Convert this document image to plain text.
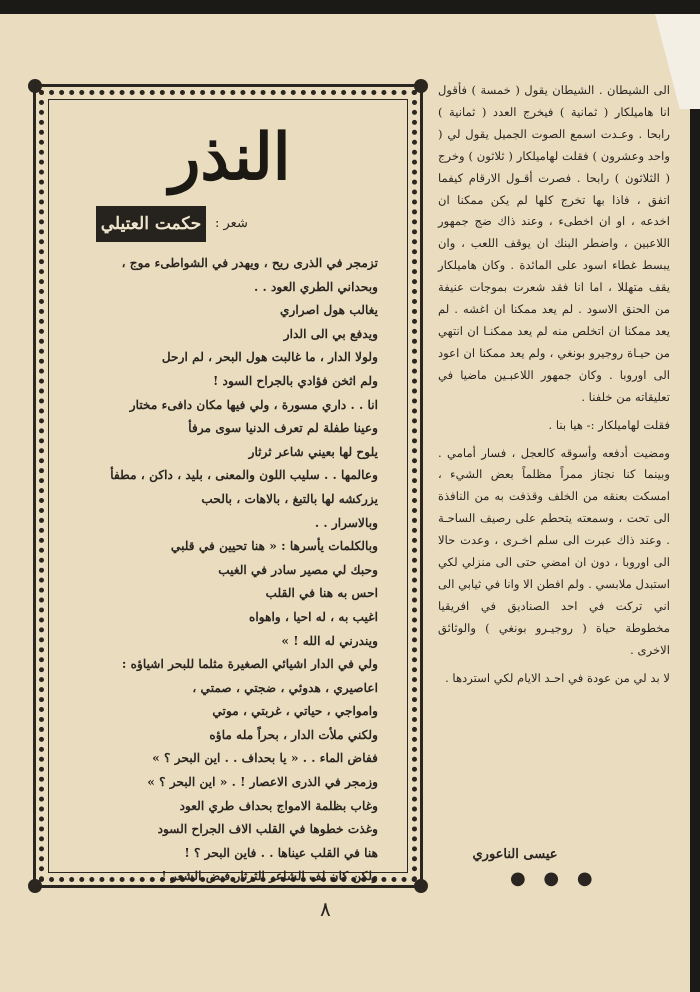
الى الشيطان . الشيطان يقول ( خمسة ) فأقول انا هاميلكار ( ثمانية ) فيخرج العدد ( ثمانية ) رابحا . وعـدت اسمع الصوت الجميل يقول لي ( واحد وعشرون ) فقلت لهاميلكار ( ثلاثون ) وخرج ( الثلاثون ) رابحا . فصرت أقـول الارقام كيفما اتفق ، فاذا بها تخرج كلها لم يكن ممكنا ان اخدعه ، او ان اخطىء ، وعند ذاك ضج جمهور اللاعبين ، واضطر البنك ان يوقف اللعب ، وان يبسط غطاء اسود على المائدة . وكان هاميلكار يقف متهللا ، اما انا فقد شعرت بموجات عنيفة من الحنق الاسود . لم يعد ممكنا ان اغشه . لم يعد ممكنا ان اتخلص منه لم يعد ممكنـا ان انتهي من حيـاة روجيرو بونغي ، ولم يعد ممكنا ان اعود الى اوروبا . وكان جمهور اللاعبـين ماضيا في تعليقاته من خلفنا .

فقلت لهاميلكار :- هيا بنا .

ومضيت أدفعه وأسوقه كالعجل ، فسار أمامي . وبينما كنا نجتاز ممراً مظلماً بعض الشيء ، امسكت بعنقه من الخلف وقذفت به من النافذة الى تحت ، وسمعته يتحطم على رصيف الساحـة . وعند ذاك عبرت الى سلم اخـرى ، وعدت حالا الى اوروبا ، دون ان امضي حتى الى منزلي لكي استبدل ملابسي . ولم افطن الا وانا في ثيابي الى اني تركت في احد الصناديق في افريقيا مخطوطة حياة ( روجيـرو بونغي ) والوثائق الاخرى .

لا بد لي من عودة في احـد الايام لكي استردها .

عيسى الناعوري
● ● ●
النذر
شعر :
حكمت العتيلي
تزمجر في الذرى ريح ، ويهدر في الشواطىء موج ،
وبحداني الطري العود . .
يغالب هول اصراري
ويدفع بي الى الدار
ولولا الدار ، ما غالبت هول البحر ، لم ارحل
ولم اثخن فؤادي بالجراح السود !
انا . . داري مسورة ، ولي فيها مكان دافىء مختار
وعينا طفلة لم تعرف الدنيا سوى مرفأ
يلوح لها بعيني شاعر ثرثار
وعالمها . . سليب اللون والمعنى ، بليد ، داكن ، مطفأ
يزركشه لها بالتبغ ، بالاهات ، بالحب
وبالاسرار . .
وبالكلمات يأسرها : « هنا تحيين في قلبي
وحبك لي مصير سادر في الغيب
احس به هنا في القلب
اغيب به ، له احيا ، واهواه
ويندرني له الله ! »
ولي في الدار اشيائي الصغيرة مثلما للبحر اشياؤه :
اعاصيري ، هدوئي ، ضجتي ، صمتي ،
وامواجي ، حياتي ، غربتي ، موتي
ولكني ملأت الدار ، بحراً مله ماؤه
ففاض الماء . . « يا بحداف . . اين البحر ؟ »
وزمجر في الذرى الاعصار ! . « اين البحر ؟ »
وغاب بظلمة الامواج بحداف طري العود
وغذت خطوها في القلب الاف الجراح السود
هنا في القلب عيناها . . فاين البحر ؟ !
ولكن كان لف الشاعر الثرثار فيض الشعر !
٨
